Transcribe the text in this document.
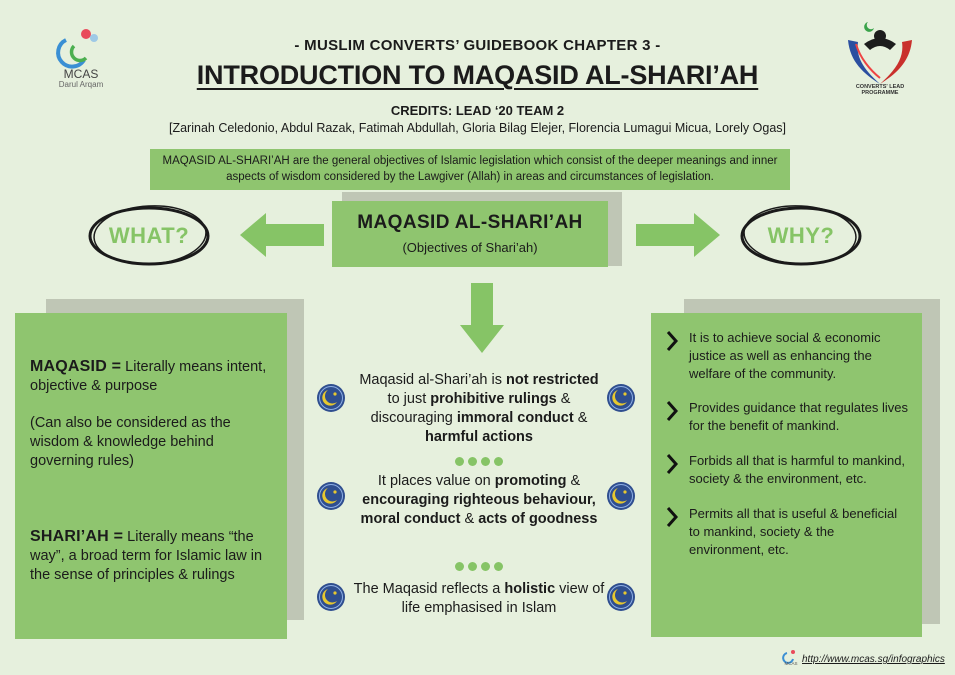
MCAS
Darul Arqam	CONVERTS' LEAD PROGRAMME
- MUSLIM CONVERTS’ GUIDEBOOK CHAPTER 3 -
INTRODUCTION TO MAQASID AL-SHARI’AH
CREDITS: LEAD ‘20 TEAM 2
[Zarinah Celedonio, Abdul Razak, Fatimah Abdullah, Gloria Bilag Elejer, Florencia Lumagui Micua, Lorely Ogas]
MAQASID AL-SHARI’AH are the general objectives of Islamic legislation which consist of the deeper meanings and inner aspects of wisdom considered by the Lawgiver (Allah) in areas and circumstances of legislation.
MAQASID AL-SHARI’AH
(Objectives of Shari’ah)
WHAT?	WHY?

MAQASID = Literally means intent, objective & purpose

(Can also be considered as the wisdom & knowledge behind governing rules)

SHARI’AH = Literally means “the way”, a broad term for Islamic law in the sense of principles & rulings

It is to achieve social & economic justice as well as enhancing the welfare of the community.
Provides guidance that regulates lives for the benefit of mankind.
Forbids all that is harmful to mankind, society & the environment, etc.
Permits all that is useful & beneficial to mankind, society & the environment, etc.
Maqasid al-Shari’ah is not restricted to just prohibitive rulings & discouraging immoral conduct & harmful actions
It places value on promoting & encouraging righteous behaviour, moral conduct & acts of goodness
The Maqasid reflects a holistic view of life emphasised in Islam
MCAS http://www.mcas.sg/infographics
